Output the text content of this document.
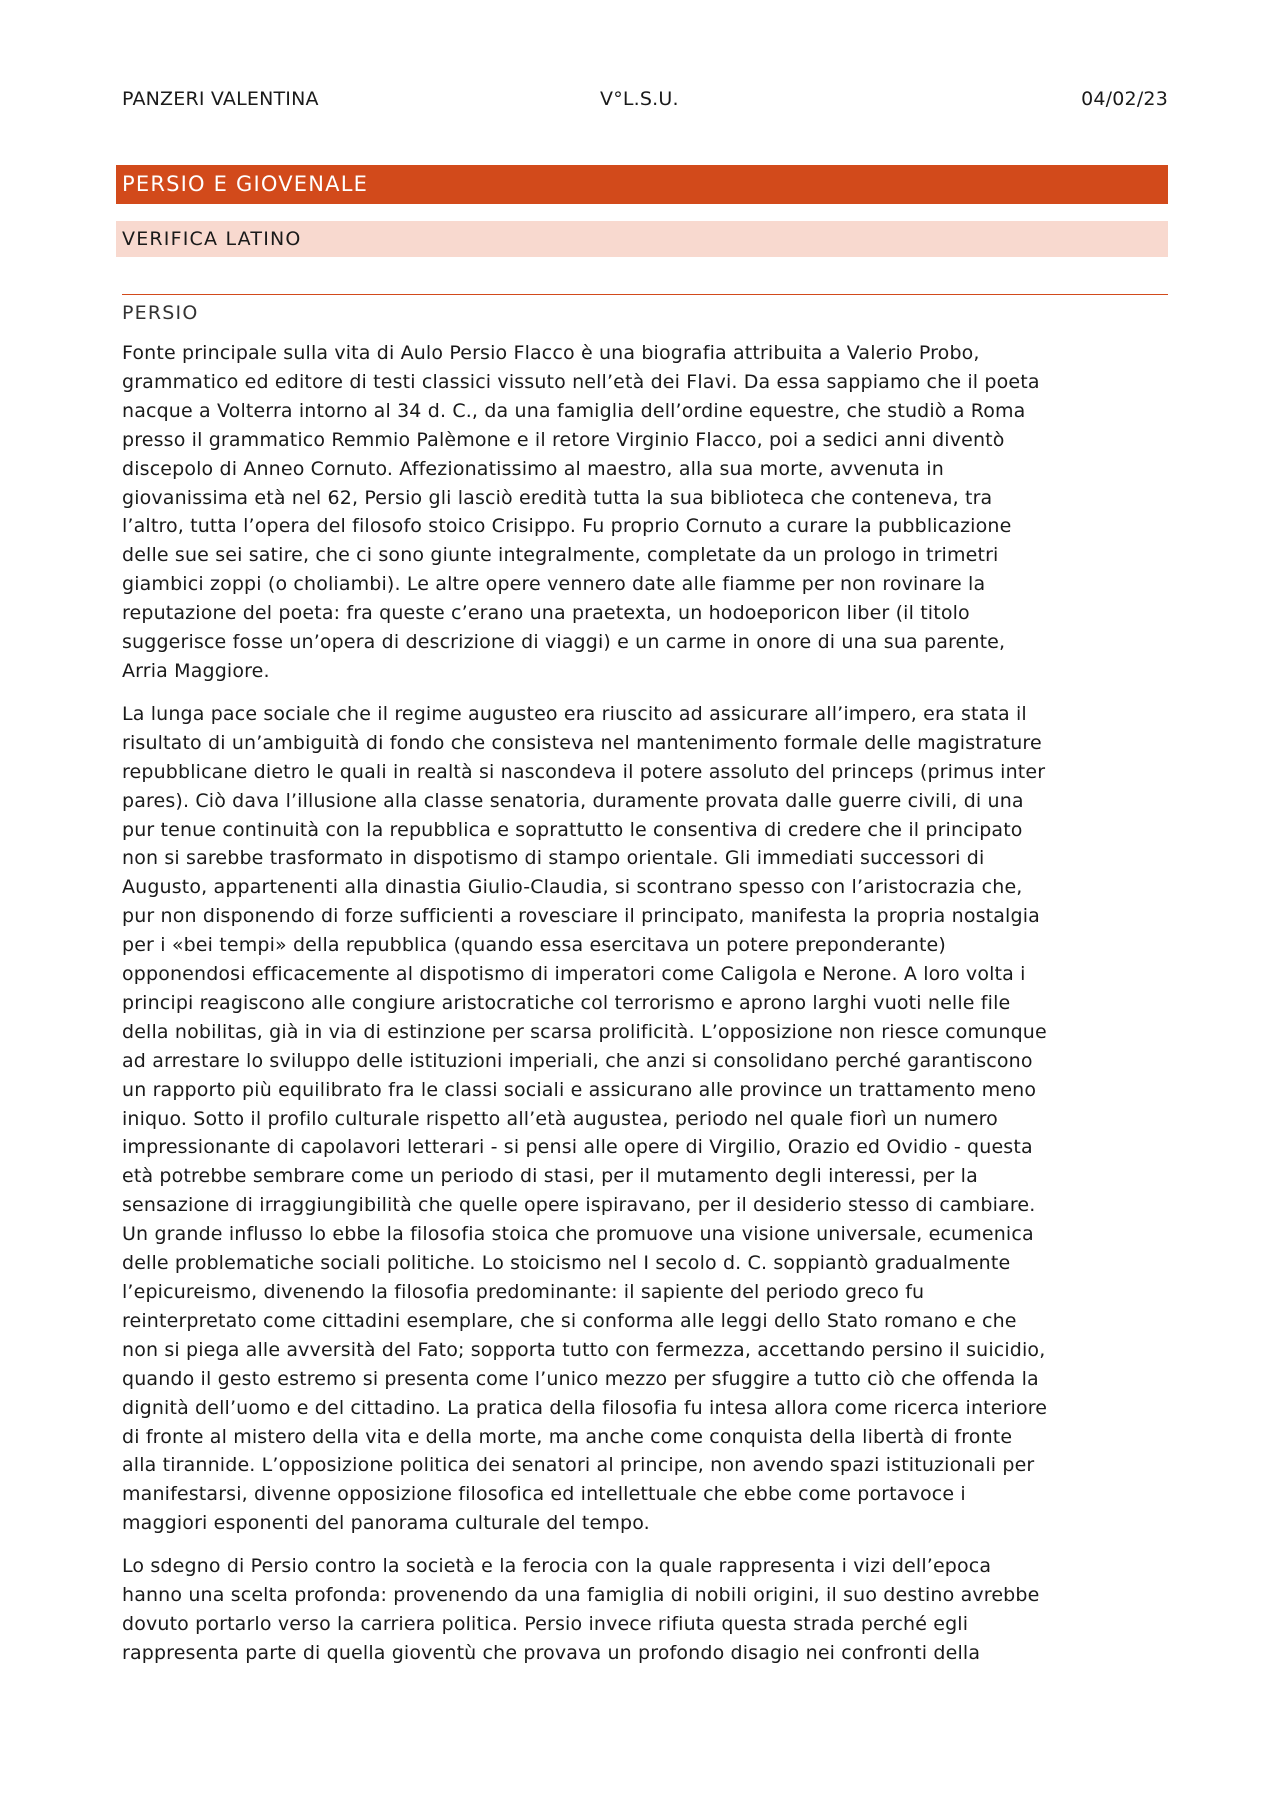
PANZERI VALENTINA	V°L.S.U.	04/02/23
PERSIO E GIOVENALE
VERIFICA LATINO
PERSIO

Fonte principale sulla vita di Aulo Persio Flacco è una biografia attribuita a Valerio Probo,
grammatico ed editore di testi classici vissuto nell’età dei Flavi. Da essa sappiamo che il poeta
nacque a Volterra intorno al 34 d. C., da una famiglia dell’ordine equestre, che studiò a Roma
presso il grammatico Remmio Palèmone e il retore Virginio Flacco, poi a sedici anni diventò
discepolo di Anneo Cornuto. Affezionatissimo al maestro, alla sua morte, avvenuta in
giovanissima età nel 62, Persio gli lasciò eredità tutta la sua biblioteca che conteneva, tra
l’altro, tutta l’opera del filosofo stoico Crisippo. Fu proprio Cornuto a curare la pubblicazione
delle sue sei satire, che ci sono giunte integralmente, completate da un prologo in trimetri
giambici zoppi (o choliambi). Le altre opere vennero date alle fiamme per non rovinare la
reputazione del poeta: fra queste c’erano una praetexta, un hodoeporicon liber (il titolo
suggerisce fosse un’opera di descrizione di viaggi) e un carme in onore di una sua parente,
Arria Maggiore.

La lunga pace sociale che il regime augusteo era riuscito ad assicurare all’impero, era stata il
risultato di un’ambiguità di fondo che consisteva nel mantenimento formale delle magistrature
repubblicane dietro le quali in realtà si nascondeva il potere assoluto del princeps (primus inter
pares). Ciò dava l’illusione alla classe senatoria, duramente provata dalle guerre civili, di una
pur tenue continuità con la repubblica e soprattutto le consentiva di credere che il principato
non si sarebbe trasformato in dispotismo di stampo orientale. Gli immediati successori di
Augusto, appartenenti alla dinastia Giulio-Claudia, si scontrano spesso con l’aristocrazia che,
pur non disponendo di forze sufficienti a rovesciare il principato, manifesta la propria nostalgia
per i «bei tempi» della repubblica (quando essa esercitava un potere preponderante)
opponendosi efficacemente al dispotismo di imperatori come Caligola e Nerone. A loro volta i
principi reagiscono alle congiure aristocratiche col terrorismo e aprono larghi vuoti nelle file
della nobilitas, già in via di estinzione per scarsa prolificità. L’opposizione non riesce comunque
ad arrestare lo sviluppo delle istituzioni imperiali, che anzi si consolidano perché garantiscono
un rapporto più equilibrato fra le classi sociali e assicurano alle province un trattamento meno
iniquo. Sotto il profilo culturale rispetto all’età augustea, periodo nel quale fiorì un numero
impressionante di capolavori letterari - si pensi alle opere di Virgilio, Orazio ed Ovidio - questa
età potrebbe sembrare come un periodo di stasi, per il mutamento degli interessi, per la
sensazione di irraggiungibilità che quelle opere ispiravano, per il desiderio stesso di cambiare.
Un grande influsso lo ebbe la filosofia stoica che promuove una visione universale, ecumenica
delle problematiche sociali politiche. Lo stoicismo nel I secolo d. C. soppiantò gradualmente
l’epicureismo, divenendo la filosofia predominante: il sapiente del periodo greco fu
reinterpretato come cittadini esemplare, che si conforma alle leggi dello Stato romano e che
non si piega alle avversità del Fato; sopporta tutto con fermezza, accettando persino il suicidio,
quando il gesto estremo si presenta come l’unico mezzo per sfuggire a tutto ciò che offenda la
dignità dell’uomo e del cittadino. La pratica della filosofia fu intesa allora come ricerca interiore
di fronte al mistero della vita e della morte, ma anche come conquista della libertà di fronte
alla tirannide. L’opposizione politica dei senatori al principe, non avendo spazi istituzionali per
manifestarsi, divenne opposizione filosofica ed intellettuale che ebbe come portavoce i
maggiori esponenti del panorama culturale del tempo.

Lo sdegno di Persio contro la società e la ferocia con la quale rappresenta i vizi dell’epoca
hanno una scelta profonda: provenendo da una famiglia di nobili origini, il suo destino avrebbe
dovuto portarlo verso la carriera politica. Persio invece rifiuta questa strada perché egli
rappresenta parte di quella gioventù che provava un profondo disagio nei confronti della
